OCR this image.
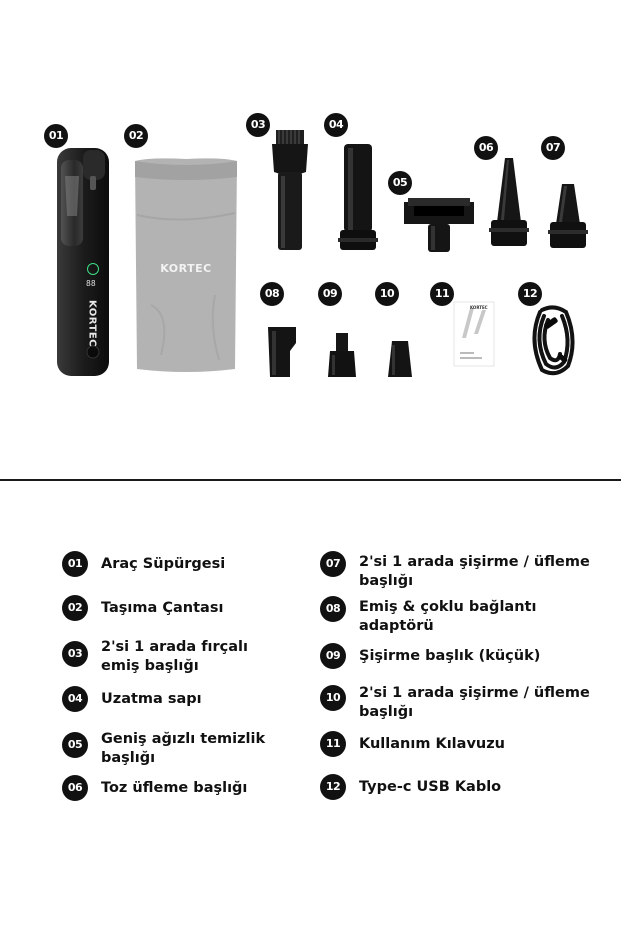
01	02
03	04
05
06	07
08	09	10	11	12
88
KORTEC
KORTEC
KORTEC
01	Araç Süpürgesi
02	Taşıma Çantası
03	2'si 1 arada fırçalı emiş başlığı
04	Uzatma sapı
05	Geniş ağızlı temizlik başlığı
06	Toz üfleme başlığı
07	2'si 1 arada şişirme / üfleme başlığı
08	Emiş & çoklu bağlantı adaptörü
09	Şişirme başlık (küçük)
10	2'si 1 arada şişirme / üfleme başlığı
11	Kullanım Kılavuzu
12	Type-c USB Kablo
